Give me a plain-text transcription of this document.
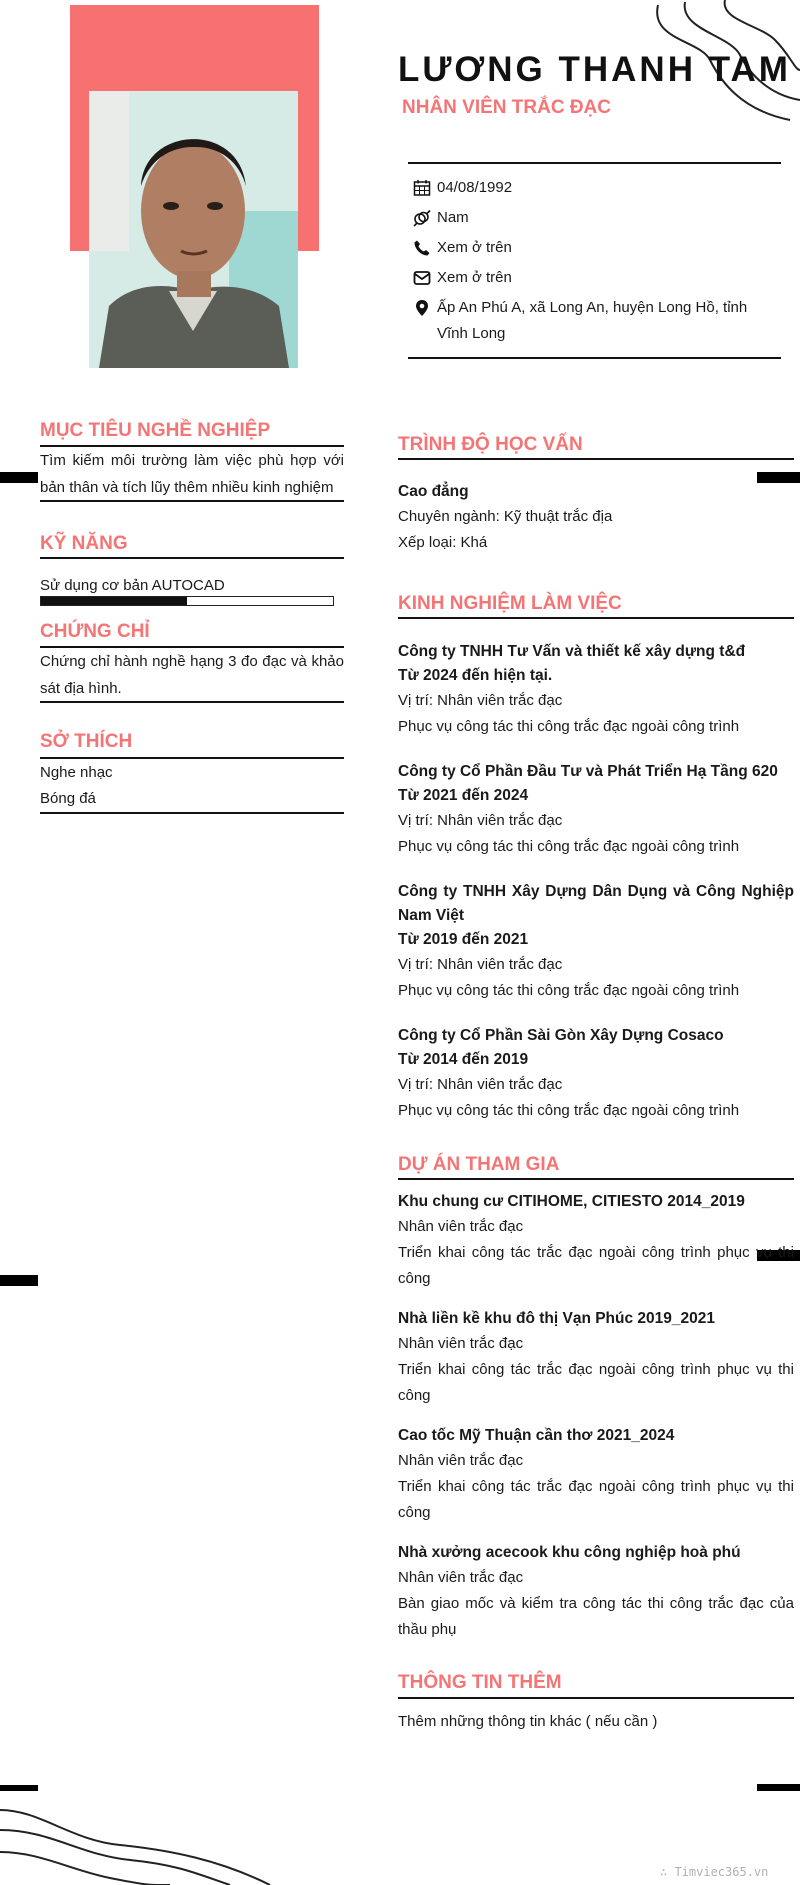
LƯƠNG THANH TAM
NHÂN VIÊN TRẮC ĐẠC
04/08/1992
Nam
Xem ở trên
Xem ở trên
Ấp An Phú A, xã Long An, huyện Long Hồ, tỉnh Vĩnh Long
MỤC TIÊU NGHỀ NGHIỆP
Tìm kiếm môi trường làm việc phù hợp với bản thân và tích lũy thêm nhiều kinh nghiệm
KỸ NĂNG
Sử dụng cơ bản AUTOCAD
CHỨNG CHỈ
Chứng chỉ hành nghề hạng 3 đo đạc và khảo sát địa hình.
SỞ THÍCH
Nghe nhạc
Bóng đá
TRÌNH ĐỘ HỌC VẤN
Cao đẳng
Chuyên ngành: Kỹ thuật trắc địa
Xếp loại: Khá
KINH NGHIỆM LÀM VIỆC
Công ty TNHH Tư Vấn và thiết kế xây dựng t&đ
Từ 2024 đến hiện tại.
Vị trí: Nhân viên trắc đạc
Phục vụ công tác thi công trắc đạc ngoài công trình
Công ty Cổ Phần Đầu Tư và Phát Triển Hạ Tầng 620
Từ 2021 đến 2024
Vị trí: Nhân viên trắc đạc
Phục vụ công tác thi công trắc đạc ngoài công trình
Công ty TNHH Xây Dựng Dân Dụng và Công Nghiệp Nam Việt
Từ 2019 đến 2021
Vị trí: Nhân viên trắc đạc
Phục vụ công tác thi công trắc đạc ngoài công trình
Công ty Cổ Phần Sài Gòn Xây Dựng Cosaco
Từ 2014 đến 2019
Vị trí: Nhân viên trắc đạc
Phục vụ công tác thi công trắc đạc ngoài công trình
DỰ ÁN THAM GIA
Khu chung cư CITIHOME, CITIESTO 2014_2019
Nhân viên trắc đạc
Triển khai công tác trắc đạc ngoài công trình phục vụ thi công
Nhà liền kề khu đô thị Vạn Phúc 2019_2021
Nhân viên trắc đạc
Triển khai công tác trắc đạc ngoài công trình phục vụ thi công
Cao tốc Mỹ Thuận cần thơ 2021_2024
Nhân viên trắc đạc
Triển khai công tác trắc đạc ngoài công trình phục vụ thi công
Nhà xưởng acecook khu công nghiệp hoà phú
Nhân viên trắc đạc
Bàn giao mốc và kiểm tra công tác thi công trắc đạc của thầu phụ
THÔNG TIN THÊM
Thêm những thông tin khác ( nếu cần )
∴ Timviec365.vn
